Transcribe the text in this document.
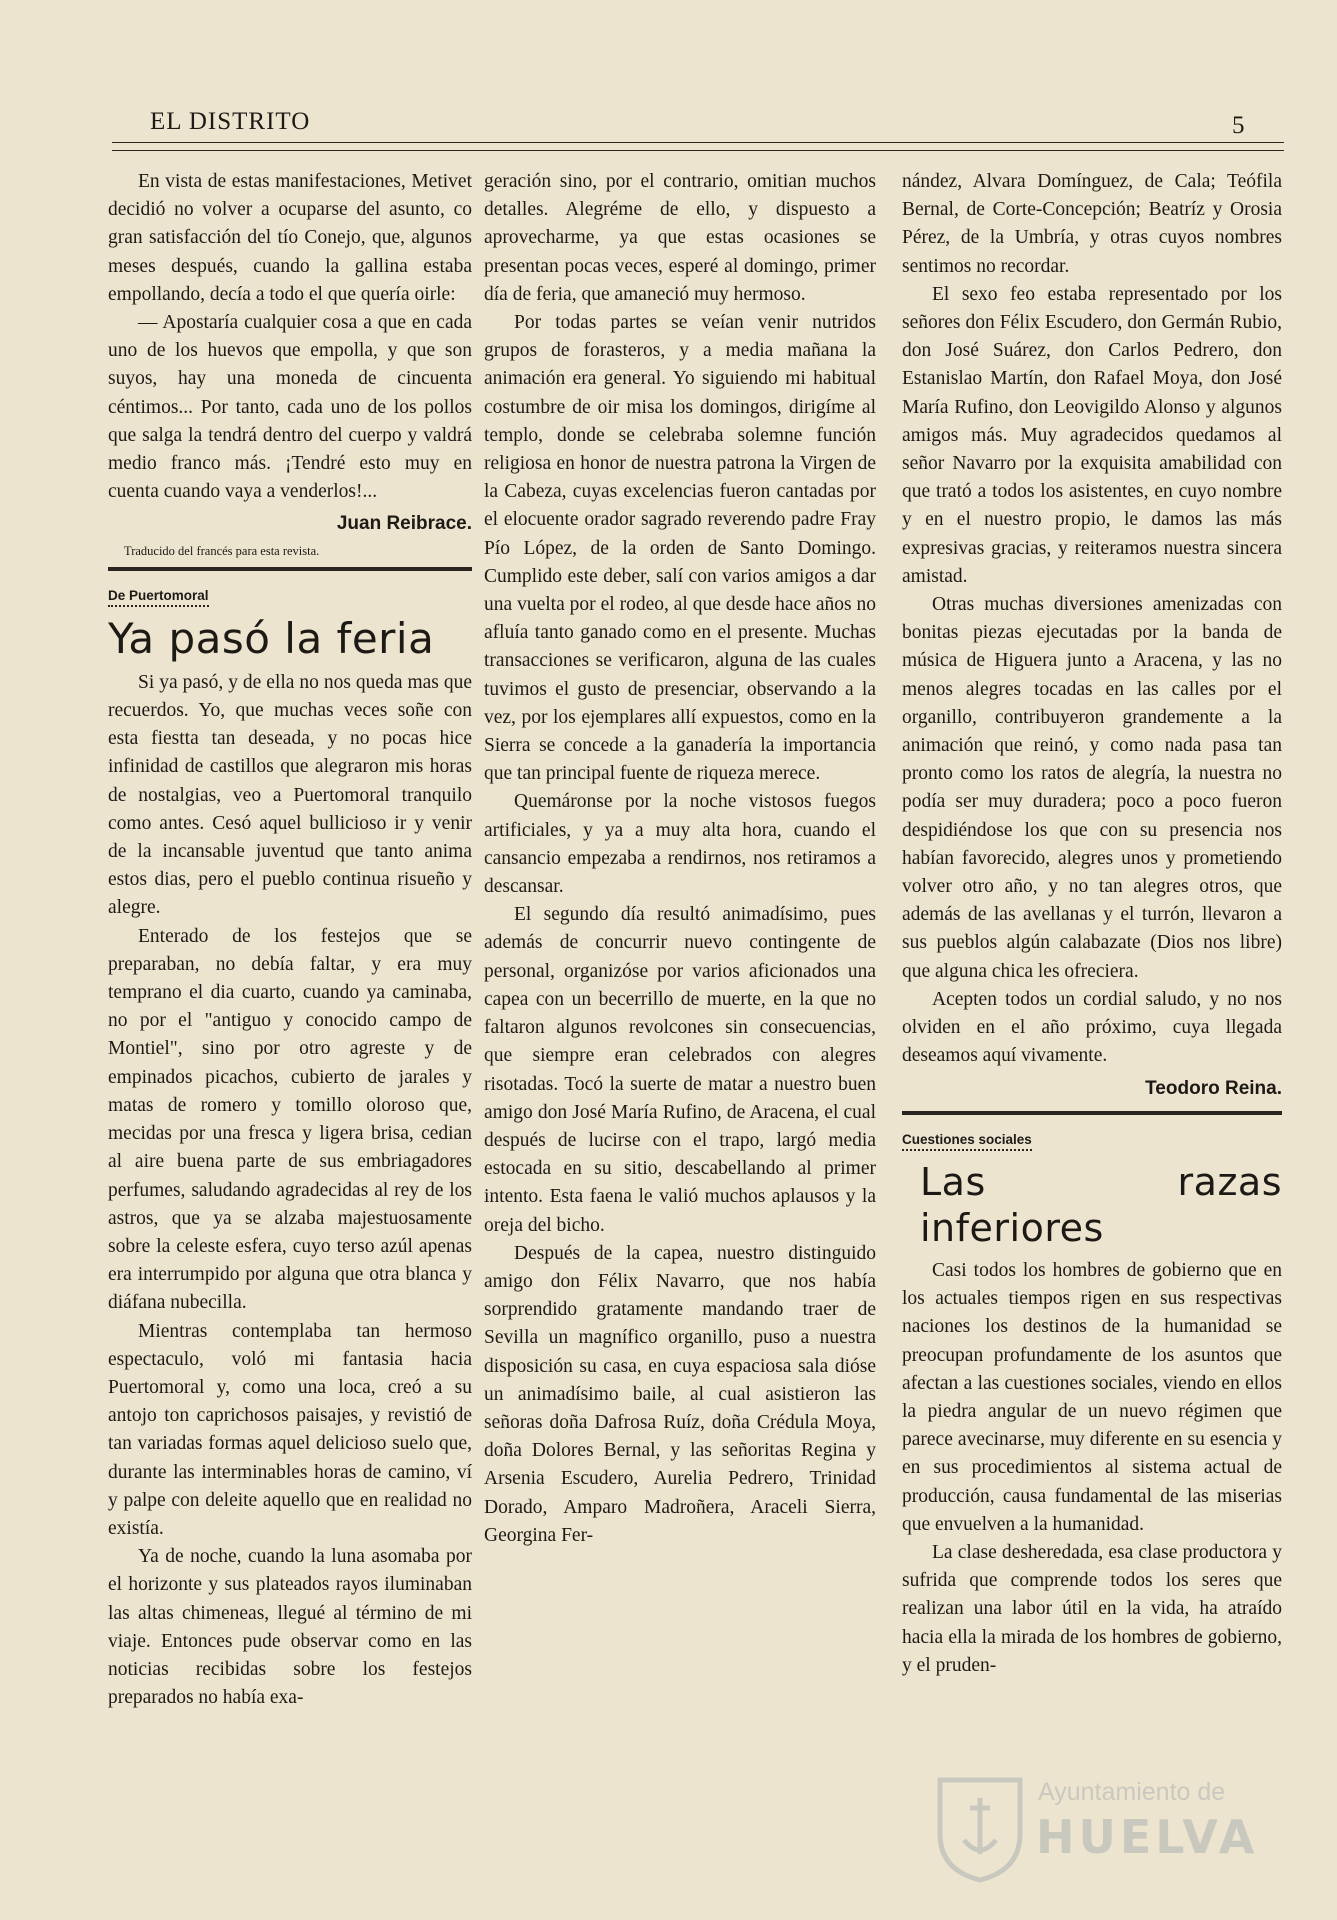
EL DISTRITO	5

En vista de estas manifestaciones, Metivet decidió no volver a ocuparse del asunto, co gran satisfacción del tío Conejo, que, algunos meses después, cuando la gallina estaba empollando, decía a todo el que quería oirle:

— Apostaría cualquier cosa a que en cada uno de los huevos que empolla, y que son suyos, hay una moneda de cincuenta céntimos... Por tanto, cada uno de los pollos que salga la tendrá dentro del cuerpo y valdrá medio franco más. ¡Tendré esto muy en cuenta cuando vaya a venderlos!...

Juan Reibrace.
Traducido del francés para esta revista.
De Puertomoral
Ya pasó la feria

Si ya pasó, y de ella no nos queda mas que recuerdos. Yo, que muchas veces soñe con esta fiestta tan deseada, y no pocas hice infinidad de castillos que alegraron mis horas de nostalgias, veo a Puertomoral tranquilo como antes. Cesó aquel bullicioso ir y venir de la incansable juventud que tanto anima estos dias, pero el pueblo continua risueño y alegre.

Enterado de los festejos que se preparaban, no debía faltar, y era muy temprano el dia cuarto, cuando ya caminaba, no por el "antiguo y conocido campo de Montiel", sino por otro agreste y de empinados picachos, cubierto de jarales y matas de romero y tomillo oloroso que, mecidas por una fresca y ligera brisa, cedian al aire buena parte de sus embriagadores perfumes, saludando agradecidas al rey de los astros, que ya se alzaba majestuosamente sobre la celeste esfera, cuyo terso azúl apenas era interrumpido por alguna que otra blanca y diáfana nubecilla.

Mientras contemplaba tan hermoso espectaculo, voló mi fantasia hacia Puertomoral y, como una loca, creó a su antojo ton caprichosos paisajes, y revistió de tan variadas formas aquel delicioso suelo que, durante las interminables horas de camino, ví y palpe con deleite aquello que en realidad no existía.

Ya de noche, cuando la luna asomaba por el horizonte y sus plateados rayos iluminaban las altas chimeneas, llegué al término de mi viaje. Entonces pude observar como en las noticias recibidas sobre los festejos preparados no había exa-

geración sino, por el contrario, omitian muchos detalles. Alegréme de ello, y dispuesto a aprovecharme, ya que estas ocasiones se presentan pocas veces, esperé al domingo, primer día de feria, que amaneció muy hermoso.

Por todas partes se veían venir nutridos grupos de forasteros, y a media mañana la animación era general. Yo siguiendo mi habitual costumbre de oir misa los domingos, dirigíme al templo, donde se celebraba solemne función religiosa en honor de nuestra patrona la Virgen de la Cabeza, cuyas excelencias fueron cantadas por el elocuente orador sagrado reverendo padre Fray Pío López, de la orden de Santo Domingo. Cumplido este deber, salí con varios amigos a dar una vuelta por el rodeo, al que desde hace años no afluía tanto ganado como en el presente. Muchas transacciones se verificaron, alguna de las cuales tuvimos el gusto de presenciar, observando a la vez, por los ejemplares allí expuestos, como en la Sierra se concede a la ganadería la importancia que tan principal fuente de riqueza merece.

Quemáronse por la noche vistosos fuegos artificiales, y ya a muy alta hora, cuando el cansancio empezaba a rendirnos, nos retiramos a descansar.

El segundo día resultó animadísimo, pues además de concurrir nuevo contingente de personal, organizóse por varios aficionados una capea con un becerrillo de muerte, en la que no faltaron algunos revolcones sin consecuencias, que siempre eran celebrados con alegres risotadas. Tocó la suerte de matar a nuestro buen amigo don José María Rufino, de Aracena, el cual después de lucirse con el trapo, largó media estocada en su sitio, descabellando al primer intento. Esta faena le valió muchos aplausos y la oreja del bicho.

Después de la capea, nuestro distinguido amigo don Félix Navarro, que nos había sorprendido gratamente mandando traer de Sevilla un magnífico organillo, puso a nuestra disposición su casa, en cuya espaciosa sala dióse un animadísimo baile, al cual asistieron las señoras doña Dafrosa Ruíz, doña Crédula Moya, doña Dolores Bernal, y las señoritas Regina y Arsenia Escudero, Aurelia Pedrero, Trinidad Dorado, Amparo Madroñera, Araceli Sierra, Georgina Fer-

nández, Alvara Domínguez, de Cala; Teófila Bernal, de Corte-Concepción; Beatríz y Orosia Pérez, de la Umbría, y otras cuyos nombres sentimos no recordar.

El sexo feo estaba representado por los señores don Félix Escudero, don Germán Rubio, don José Suárez, don Carlos Pedrero, don Estanislao Martín, don Rafael Moya, don José María Rufino, don Leovigildo Alonso y algunos amigos más. Muy agradecidos quedamos al señor Navarro por la exquisita amabilidad con que trató a todos los asistentes, en cuyo nombre y en el nuestro propio, le damos las más expresivas gracias, y reiteramos nuestra sincera amistad.

Otras muchas diversiones amenizadas con bonitas piezas ejecutadas por la banda de música de Higuera junto a Aracena, y las no menos alegres tocadas en las calles por el organillo, contribuyeron grandemente a la animación que reinó, y como nada pasa tan pronto como los ratos de alegría, la nuestra no podía ser muy duradera; poco a poco fueron despidiéndose los que con su presencia nos habían favorecido, alegres unos y prometiendo volver otro año, y no tan alegres otros, que además de las avellanas y el turrón, llevaron a sus pueblos algún calabazate (Dios nos libre) que alguna chica les ofreciera.

Acepten todos un cordial saludo, y no nos olviden en el año próximo, cuya llegada deseamos aquí vivamente.

Teodoro Reina.
Cuestiones sociales
Las razas inferiores

Casi todos los hombres de gobierno que en los actuales tiempos rigen en sus respectivas naciones los destinos de la humanidad se preocupan profundamente de los asuntos que afectan a las cuestiones sociales, viendo en ellos la piedra angular de un nuevo régimen que parece avecinarse, muy diferente en su esencia y en sus procedimientos al sistema actual de producción, causa fundamental de las miserias que envuelven a la humanidad.

La clase desheredada, esa clase productora y sufrida que comprende todos los seres que realizan una labor útil en la vida, ha atraído hacia ella la mirada de los hombres de gobierno, y el pruden-

Ayuntamiento de
HUELVA
